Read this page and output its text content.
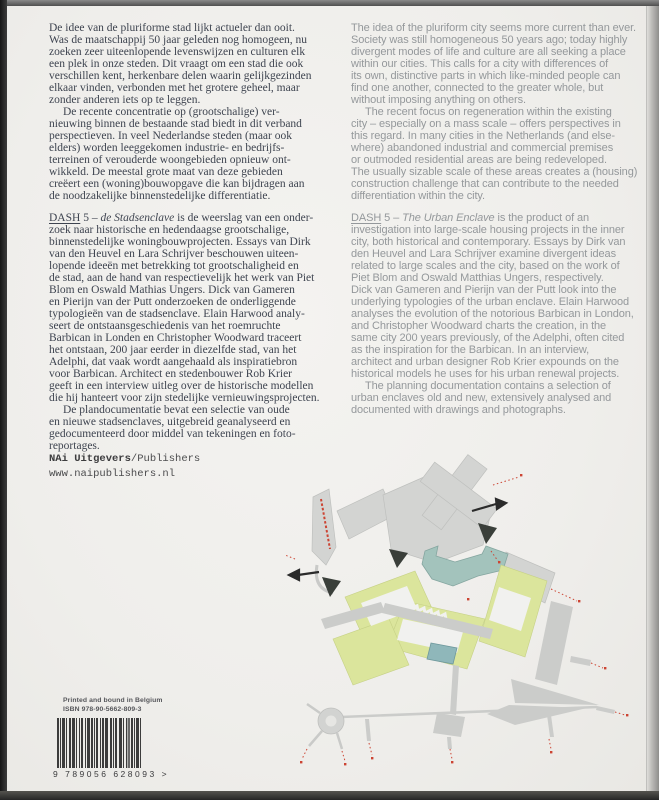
De idee van de pluriforme stad lijkt actueler dan ooit.
Was de maatschappij 50 jaar geleden nog homogeen, nu
zoeken zeer uiteenlopende levenswijzen en culturen elk
een plek in onze steden. Dit vraagt om een stad die ook
verschillen kent, herkenbare delen waarin gelijkgezinden
elkaar vinden, verbonden met het grotere geheel, maar
zonder anderen iets op te leggen.
De recente concentratie op (grootschalige) ver-
nieuwing binnen de bestaande stad biedt in dit verband
perspectieven. In veel Nederlandse steden (maar ook
elders) worden leeggekomen industrie- en bedrijfs-
terreinen of verouderde woongebieden opnieuw ont-
wikkeld. De meestal grote maat van deze gebieden
creëert een (woning)bouwopgave die kan bijdragen aan
de noodzakelijke binnenstedelijke differentiatie.
DASH 5 – de Stadsenclave is de weerslag van een onder-
zoek naar historische en hedendaagse grootschalige,
binnenstedelijke woningbouwprojecten. Essays van Dirk
van den Heuvel en Lara Schrijver beschouwen uiteen-
lopende ideeën met betrekking tot grootschaligheid en
de stad, aan de hand van respectievelijk het werk van Piet
Blom en Oswald Mathias Ungers. Dick van Gameren
en Pierijn van der Putt onderzoeken de onderliggende
typologieën van de stadsenclave. Elain Harwood analy-
seert de ontstaansgeschiedenis van het roemruchte
Barbican in Londen en Christopher Woodward traceert
het ontstaan, 200 jaar eerder in diezelfde stad, van het
Adelphi, dat vaak wordt aangehaald als inspiratiebron
voor Barbican. Architect en stedenbouwer Rob Krier
geeft in een interview uitleg over de historische modellen
die hij hanteert voor zijn stedelijke vernieuwingsprojecten.
De plandocumentatie bevat een selectie van oude
en nieuwe stadsenclaves, uitgebreid geanalyseerd en
gedocumenteerd door middel van tekeningen en foto-
reportages.
The idea of the pluriform city seems more current than ever.
Society was still homogeneous 50 years ago; today highly
divergent modes of life and culture are all seeking a place
within our cities. This calls for a city with differences of
its own, distinctive parts in which like-minded people can
find one another, connected to the greater whole, but
without imposing anything on others.
The recent focus on regeneration within the existing
city – especially on a mass scale – offers perspectives in
this regard. In many cities in the Netherlands (and else-
where) abandoned industrial and commercial premises
or outmoded residential areas are being redeveloped.
The usually sizable scale of these areas creates a (housing)
construction challenge that can contribute to the needed
differentiation within the city.
DASH 5 – The Urban Enclave is the product of an
investigation into large-scale housing projects in the inner
city, both historical and contemporary. Essays by Dirk van
den Heuvel and Lara Schrijver examine divergent ideas
related to large scales and the city, based on the work of
Piet Blom and Oswald Matthias Ungers, respectively.
Dick van Gameren and Pierijn van der Putt look into the
underlying typologies of the urban enclave. Elain Harwood
analyses the evolution of the notorious Barbican in London,
and Christopher Woodward charts the creation, in the
same city 200 years previously, of the Adelphi, often cited
as the inspiration for the Barbican. In an interview,
architect and urban designer Rob Krier expounds on the
historical models he uses for his urban renewal projects.
The planning documentation contains a selection of
urban enclaves old and new, extensively analysed and
documented with drawings and photographs.
NAi Uitgevers/Publishers
www.naipublishers.nl
Printed and bound in Belgium
ISBN 978-90-5662-809-3
9 789056 628093 >
